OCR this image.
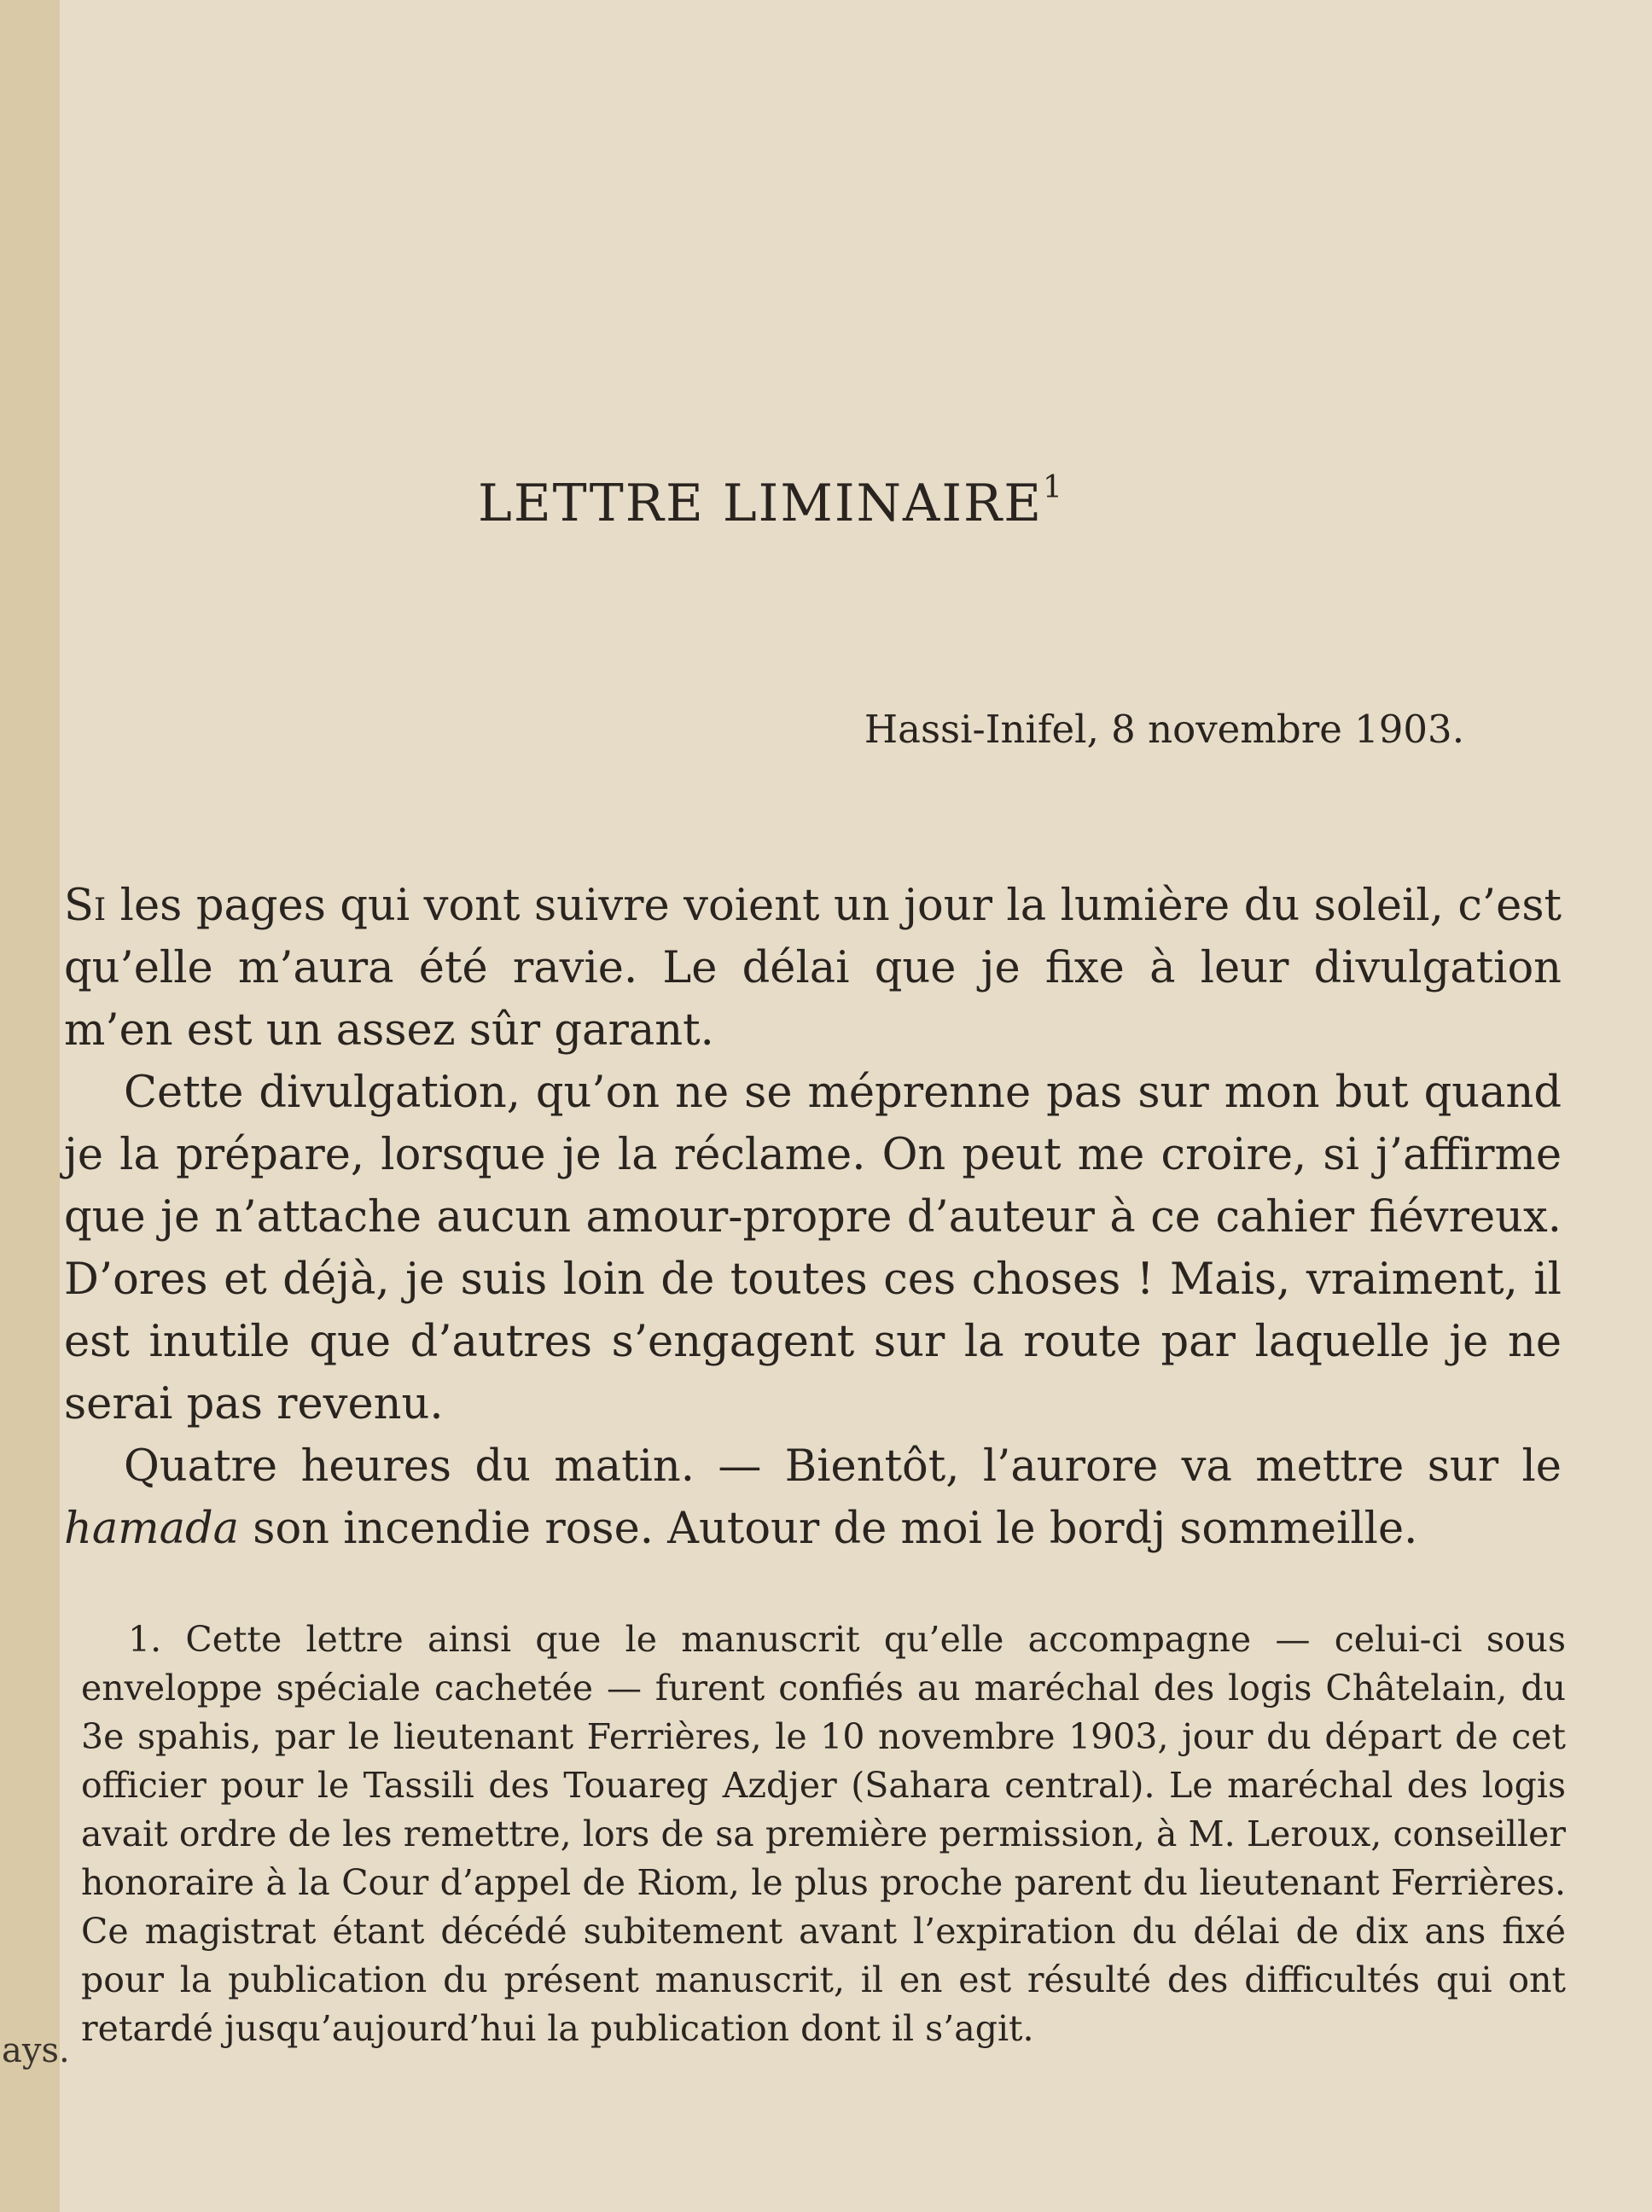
LETTRE LIMINAIRE$^1$
Hassi-Inifel, 8 novembre 1903.

Si les pages qui vont suivre voient un jour la lumière du soleil, c’est qu’elle m’aura été ravie. Le délai que je fixe à leur divulgation m’en est un assez sûr garant.

Cette divulgation, qu’on ne se méprenne pas sur mon but quand je la prépare, lorsque je la réclame. On peut me croire, si j’affirme que je n’attache aucun amour-propre d’auteur à ce cahier fiévreux. D’ores et déjà, je suis loin de toutes ces choses ! Mais, vraiment, il est inutile que d’autres s’engagent sur la route par laquelle je ne serai pas revenu.

Quatre heures du matin. — Bientôt, l’aurore va mettre sur le hamada son incendie rose. Autour de moi le bordj sommeille.

1. Cette lettre ainsi que le manuscrit qu’elle accompagne — celui-ci sous enveloppe spéciale cachetée — furent confiés au maréchal des logis Châtelain, du 3e spahis, par le lieutenant Ferrières, le 10 novembre 1903, jour du départ de cet officier pour le Tassili des Touareg Azdjer (Sahara central). Le maréchal des logis avait ordre de les remettre, lors de sa première permission, à M. Leroux, conseiller honoraire à la Cour d’appel de Riom, le plus proche parent du lieutenant Ferrières. Ce magistrat étant décédé subitement avant l’expiration du délai de dix ans fixé pour la publication du présent manuscrit, il en est résulté des difficultés qui ont retardé jusqu’aujourd’hui la publication dont il s’agit.
ays.
